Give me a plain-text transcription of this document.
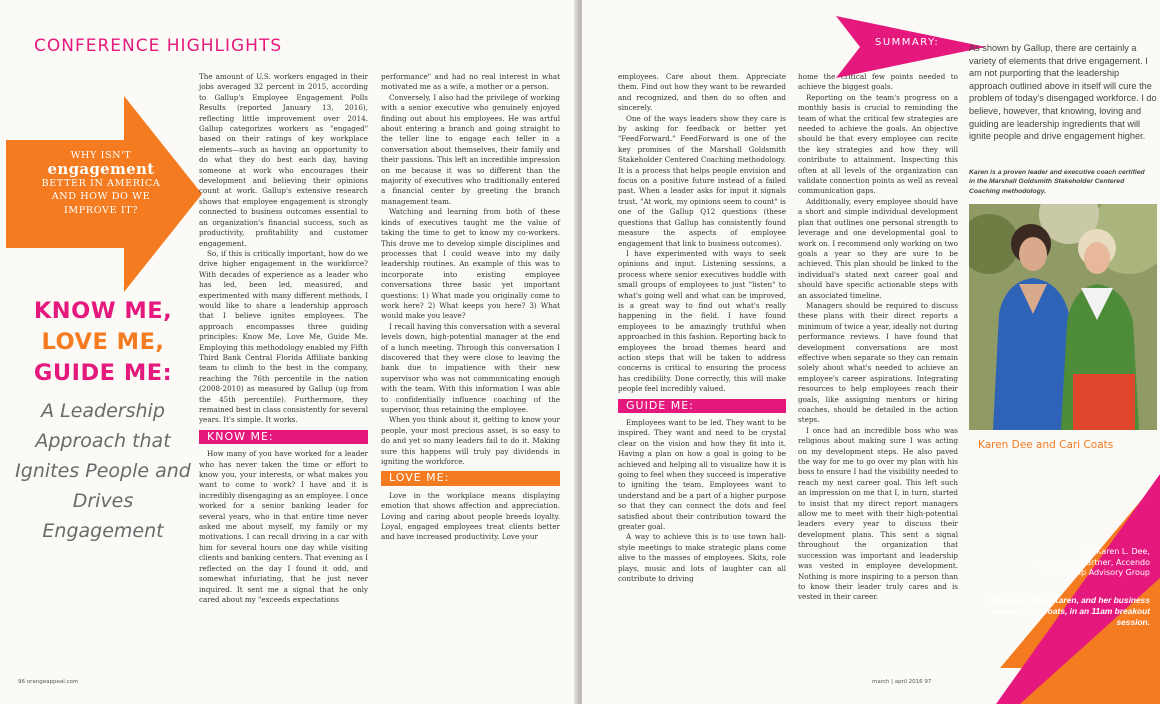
CONFERENCE HIGHLIGHTS
WHY ISN'T
engagement
BETTER IN AMERICA
AND HOW DO WE
IMPROVE IT?
KNOW ME,
LOVE ME,
GUIDE ME:
A Leadership Approach that Ignites People and Drives Engagement

The amount of U.S. workers engaged in their jobs averaged 32 percent in 2015, according to Gallup's Employee Engagement Polls Results (reported January 13, 2016), reflecting little improvement over 2014. Gallup categorizes workers as "engaged" based on their ratings of key workplace elements—such as having an opportunity to do what they do best each day, having someone at work who encourages their development and believing their opinions count at work. Gallup's extensive research shows that employee engagement is strongly connected to business outcomes essential to an organization's financial success, such as productivity, profitability and customer engagement.

So, if this is critically important, how do we drive higher engagement in the workforce? With decades of experience as a leader who has led, been led, measured, and experimented with many different methods, I would like to share a leadership approach that I believe ignites employees. The approach encompasses three guiding principles: Know Me, Love Me, Guide Me. Employing this methodology enabled my Fifth Third Bank Central Florida Affiliate banking team to climb to the best in the company, reaching the 76th percentile in the nation (2008-2010) as measured by Gallup (up from the 45th percentile). Furthermore, they remained best in class consistently for several years. It's simple. It works.

KNOW ME:

How many of you have worked for a leader who has never taken the time or effort to know you, your interests, or what makes you want to come to work? I have and it is incredibly disengaging as an employee. I once worked for a senior banking leader for several years, who in that entire time never asked me about myself, my family or my motivations. I can recall driving in a car with him for several hours one day while visiting clients and banking centers. That evening as I reflected on the day I found it odd, and somewhat infuriating, that he just never inquired. It sent me a signal that he only cared about my "exceeds expectations

performance" and had no real interest in what motivated me as a wife, a mother or a person.

Conversely, I also had the privilege of working with a senior executive who genuinely enjoyed finding out about his employees. He was artful about entering a branch and going straight to the teller line to engage each teller in a conversation about themselves, their family and their passions. This left an incredible impression on me because it was so different than the majority of executives who traditionally entered a financial center by greeting the branch management team.

Watching and learning from both of these kinds of executives taught me the value of taking the time to get to know my co-workers. This drove me to develop simple disciplines and processes that I could weave into my daily leadership routines. An example of this was to incorporate into existing employee conversations three basic yet important questions: 1) What made you originally come to work here? 2) What keeps you here? 3) What would make you leave?

I recall having this conversation with a several levels down, high-potential manager at the end of a lunch meeting. Through this conversation I discovered that they were close to leaving the bank due to impatience with their new supervisor who was not communicating enough with the team. With this information I was able to confidentially influence coaching of the supervisor, thus retaining the employee.

When you think about it, getting to know your people, your most precious asset, is so easy to do and yet so many leaders fail to do it. Making sure this happens will truly pay dividends in igniting the workforce.

LOVE ME:

Love in the workplace means displaying emotion that shows affection and appreciation. Loving and caring about people breeds loyalty. Loyal, engaged employees treat clients better and have increased productivity. Love your

96 orangeappeal.com

employees. Care about them. Appreciate them. Find out how they want to be rewarded and recognized, and then do so often and sincerely.

One of the ways leaders show they care is by asking for feedback or better yet "FeedForward." FeedForward is one of the key promises of the Marshall Goldsmith Stakeholder Centered Coaching methodology. It is a process that helps people envision and focus on a positive future instead of a failed past. When a leader asks for input it signals trust. "At work, my opinions seem to count" is one of the Gallup Q12 questions (these questions that Gallup has consistently found measure the aspects of employee engagement that link to business outcomes).

I have experimented with ways to seek opinions and input. Listening sessions, a process where senior executives huddle with small groups of employees to just "listen" to what's going well and what can be improved, is a great way to find out what's really happening in the field. I have found employees to be amazingly truthful when approached in this fashion. Reporting back to employees the broad themes heard and action steps that will be taken to address concerns is critical to ensuring the process has credibility. Done correctly, this will make people feel incredibly valued.

GUIDE ME:

Employees want to be led. They want to be inspired. They want and need to be crystal clear on the vision and how they fit into it. Having a plan on how a goal is going to be achieved and helping all to visualize how it is going to feel when they succeed is imperative to igniting the team. Employees want to understand and be a part of a higher purpose so that they can connect the dots and feel satisfied about their contribution toward the greater goal.

A way to achieve this is to use town hall-style meetings to make strategic plans come alive to the masses of employees. Skits, role plays, music and lots of laughter can all contribute to driving

home the critical few points needed to achieve the biggest goals.

Reporting on the team's progress on a monthly basis is crucial to reminding the team of what the critical few strategies are needed to achieve the goals. An objective should be that every employee can recite the key strategies and how they will contribute to attainment. Inspecting this often at all levels of the organization can validate connection points as well as reveal communication gaps.

Additionally, every employee should have a short and simple individual development plan that outlines one personal strength to leverage and one developmental goal to work on. I recommend only working on two goals a year so they are sure to be achieved. This plan should be linked to the individual's stated next career goal and should have specific actionable steps with an associated timeline.

Managers should be required to discuss these plans with their direct reports a minimum of twice a year, ideally not during performance reviews. I have found that development conversations are most effective when separate so they can remain solely about what's needed to achieve an employee's career aspirations. Integrating resources to help employees reach their goals, like assigning mentors or hiring coaches, should be detailed in the action steps.

I once had an incredible boss who was religious about making sure I was acting on my development steps. He also paved the way for me to go over my plan with his boss to ensure I had the visibility needed to reach my next career goal. This left such an impression on me that I, in turn, started to insist that my direct report managers allow me to meet with their high-potential leaders every year to discuss their development plans. This sent a signal throughout the organization that succession was important and leadership was vested in employee development. Nothing is more inspiring to a person than to know their leader truly cares and is vested in their career.

SUMMARY:	As shown by Gallup, there are certainly a variety of elements that drive engagement. I am not purporting that the leadership approach outlined above in itself will cure the problem of today's disengaged workforce. I do believe, however, that knowing, loving and guiding are leadership ingredients that will ignite people and drive engagement higher.
Karen is a proven leader and executive coach certified in the Marshall Goldsmith Stakeholder Centered Coaching methodology.
Karen Dee and Cari Coats
by Karen L. Dee,
managing partner, Accendo
Leadership Advisory Group
Hear more from Karen, and her business partner Cari Coats, in an 11am breakout session.
march | april 2016 97
